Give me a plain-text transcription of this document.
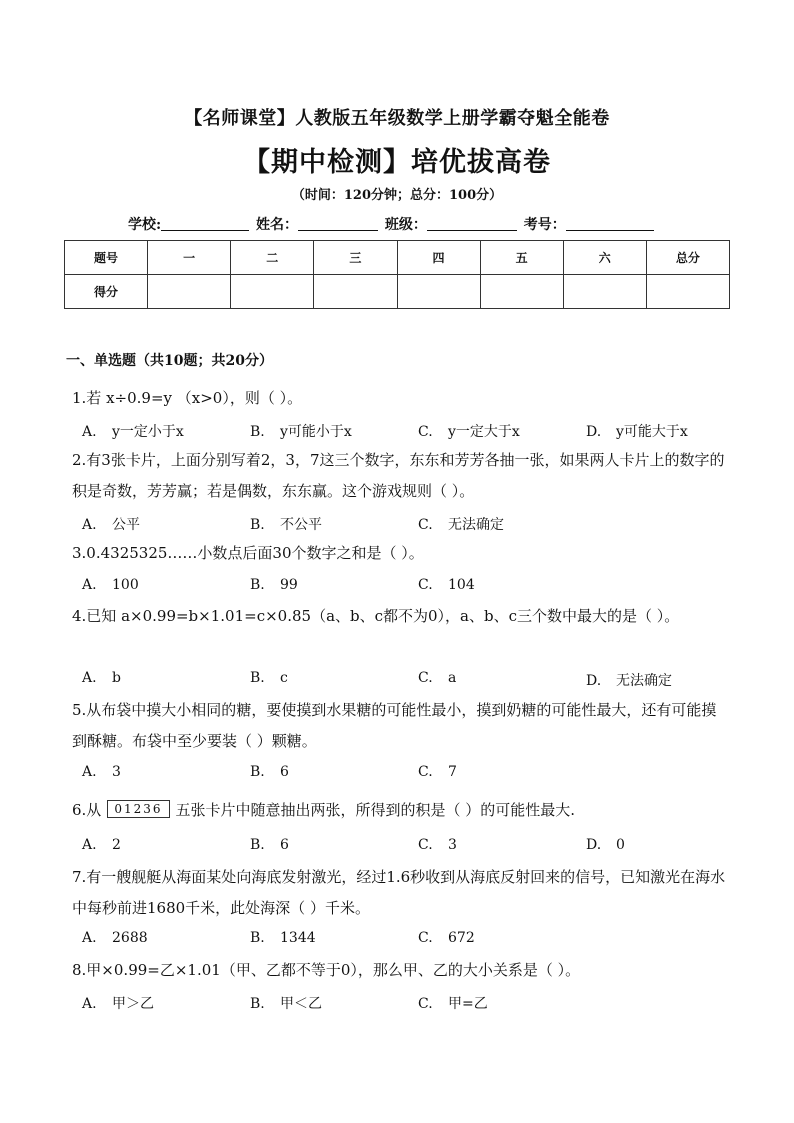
【名师课堂】人教版五年级数学上册学霸夺魁全能卷
【期中检测】培优拔高卷
（时间：120分钟；总分：100分）
学校:	姓名：	班级：	考号：
题号	一	二	三	四	五	六	总分
得分							
一、单选题（共10题；共20分）
1.若 x÷0.9=y （x>0），则（ ）。
A. y一定小于x	B. y可能小于x	C. y一定大于x	D. y可能大于x
2.有3张卡片，上面分别写着2，3，7这三个数字，东东和芳芳各抽一张，如果两人卡片上的数字的积是奇数，芳芳赢；若是偶数，东东赢。这个游戏规则（ ）。
A. 公平	B. 不公平	C. 无法确定
3.0.4325325……小数点后面30个数字之和是（ ）。
A. 100	B. 99	C. 104
4.已知 a×0.99=b×1.01=c×0.85（a、b、c都不为0），a、b、c三个数中最大的是（ ）。
A. b	B. c	C. a	D. 无法确定
5.从布袋中摸大小相同的糖，要使摸到水果糖的可能性最小，摸到奶糖的可能性最大，还有可能摸到酥糖。布袋中至少要装（ ）颗糖。
A. 3	B. 6	C. 7
6.从 01236 五张卡片中随意抽出两张，所得到的积是（ ）的可能性最大.
A. 2	B. 6	C. 3	D. 0
7.有一艘舰艇从海面某处向海底发射激光，经过1.6秒收到从海底反射回来的信号，已知激光在海水中每秒前进1680千米，此处海深（ ）千米。
A. 2688	B. 1344	C. 672
8.甲×0.99=乙×1.01（甲、乙都不等于0），那么甲、乙的大小关系是（ ）。
A. 甲＞乙	B. 甲＜乙	C. 甲=乙
